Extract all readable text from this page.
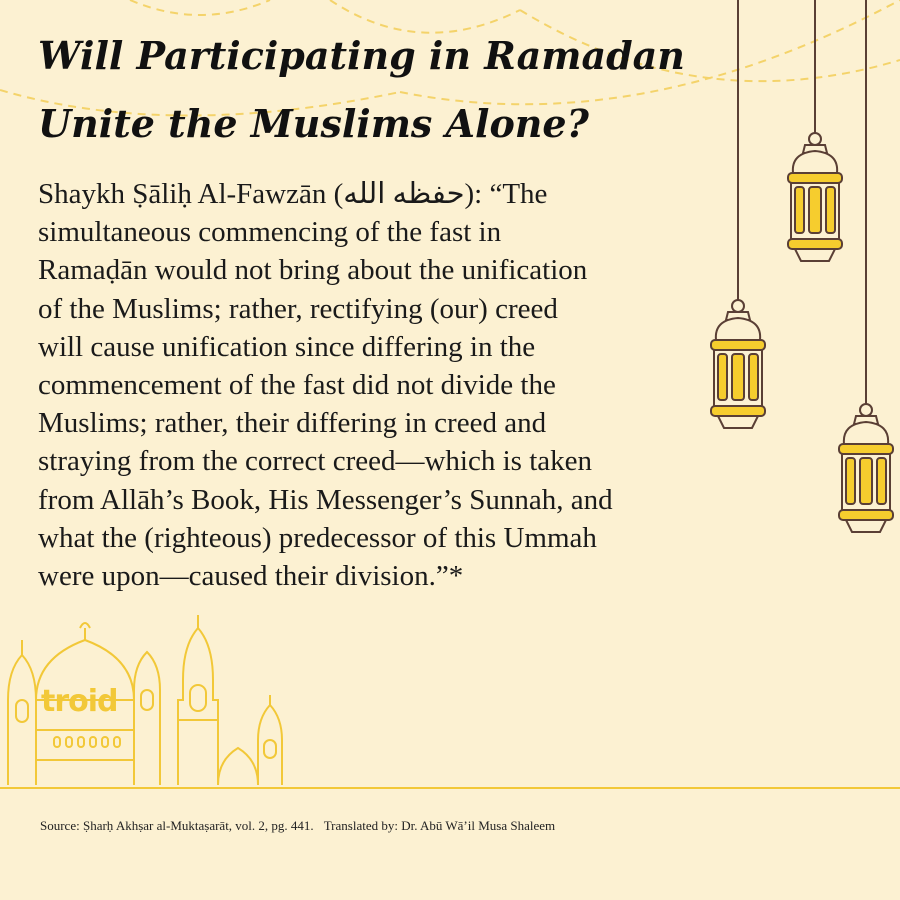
Will Participating in Ramadan
Unite the Muslims Alone?
Shaykh Ṣāliḥ Al-Fawzān (حفظه الله): “The
simultaneous commencing of the fast in
Ramaḍān would not bring about the unification
of the Muslims; rather, rectifying (our) creed
will cause unification since differing in the
commencement of the fast did not divide the
Muslims; rather, their differing in creed and
straying from the correct creed—which is taken
from Allāh’s Book, His Messenger’s Sunnah, and
what the (righteous) predecessor of this Ummah
were upon—caused their division.”*
troid
Source: Ṣharḥ Akhṣar al-Muktaṣarāt, vol. 2, pg. 441. Translated by: Dr. Abū Wā’il Musa Shaleem
